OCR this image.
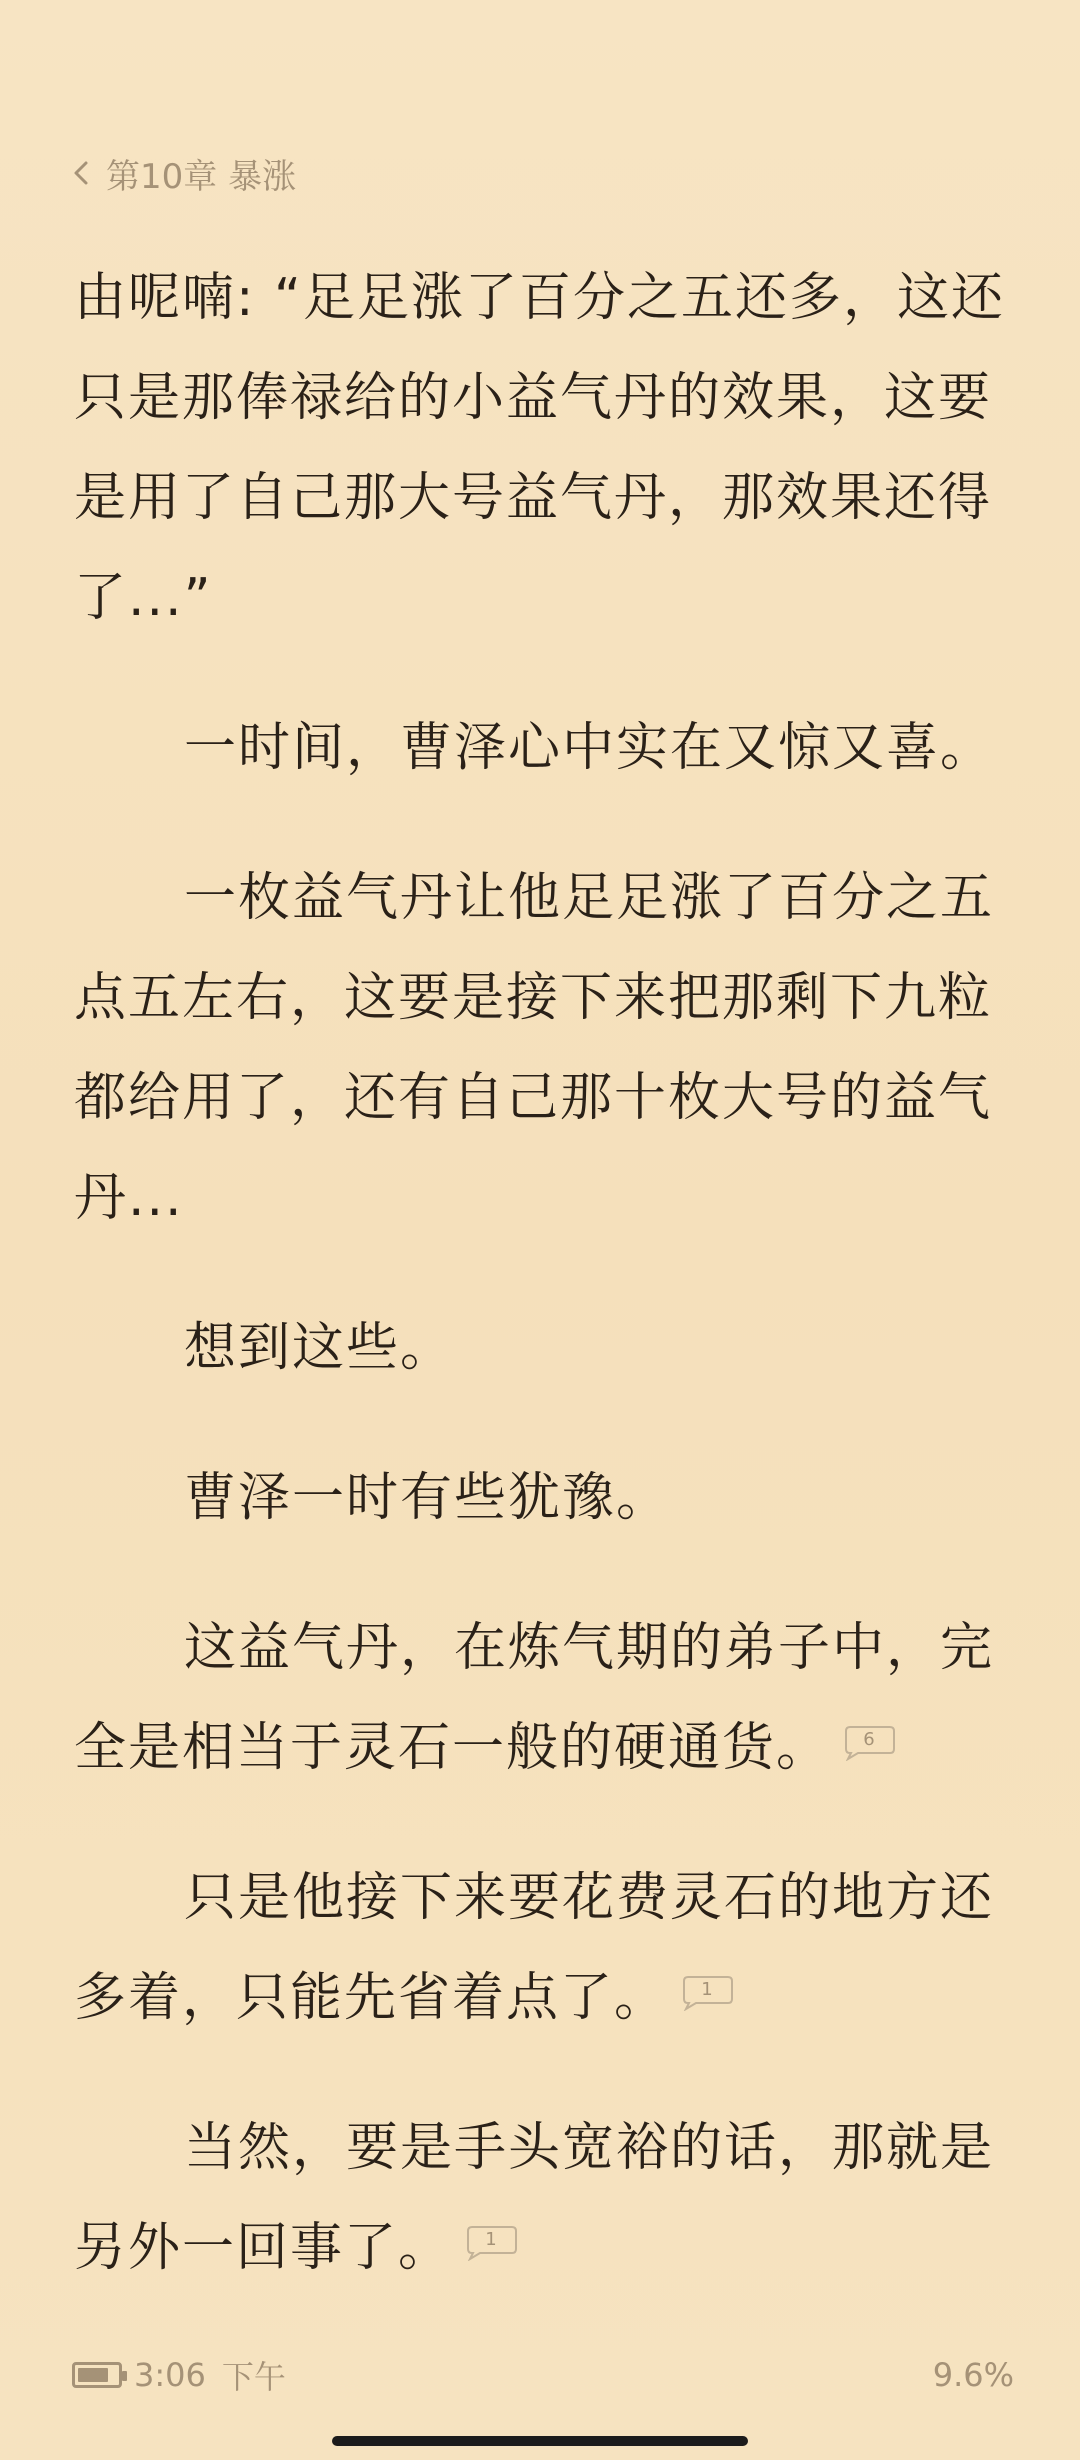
第10章 暴涨

由呢喃: “足足涨了百分之五还多，这还只是那俸禄给的小益气丹的效果，这要是用了自己那大号益气丹，那效果还得了...”

一时间，曹泽心中实在又惊又喜。

一枚益气丹让他足足涨了百分之五点五左右，这要是接下来把那剩下九粒都给用了，还有自己那十枚大号的益气丹...

想到这些。

曹泽一时有些犹豫。

这益气丹，在炼气期的弟子中，完全是相当于灵石一般的硬通货。	6

只是他接下来要花费灵石的地方还多着，只能先省着点了。	1

当然，要是手头宽裕的话，那就是另外一回事了。	1

3:06 下午	9.6%
